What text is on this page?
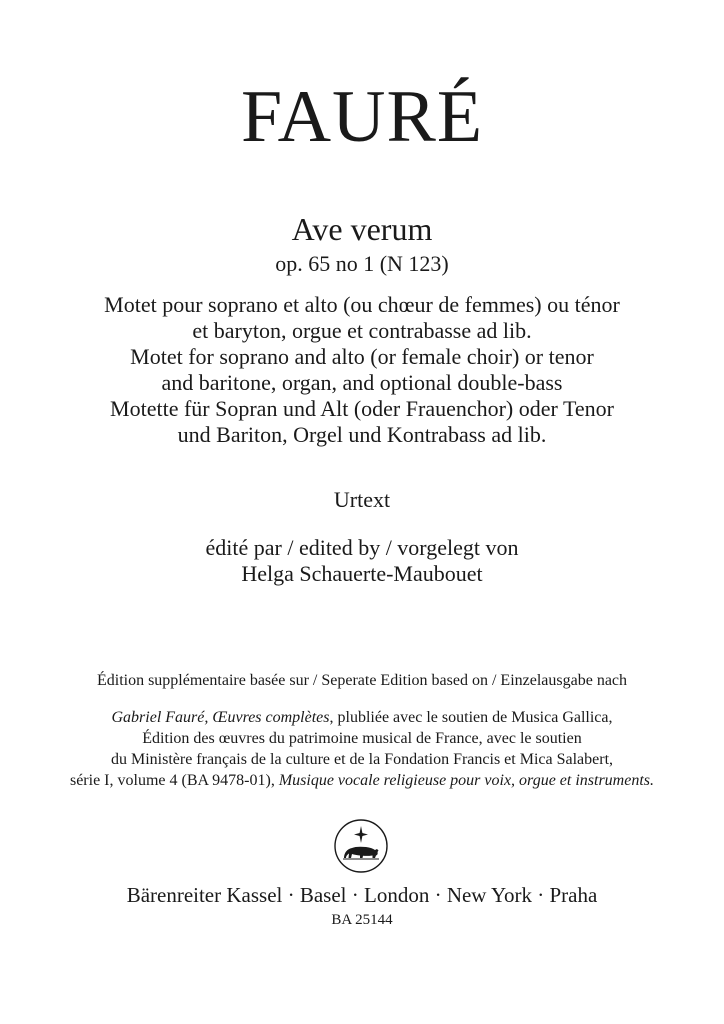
FAURÉ
Ave verum
op. 65 no 1 (N 123)
Motet pour soprano et alto (ou chœur de femmes) ou ténor
et baryton, orgue et contrabasse ad lib.
Motet for soprano and alto (or female choir) or tenor
and baritone, organ, and optional double-bass
Motette für Sopran und Alt (oder Frauenchor) oder Tenor
und Bariton, Orgel und Kontrabass ad lib.
Urtext
édité par / edited by / vorgelegt von
Helga Schauerte-Maubouet
Édition supplémentaire basée sur / Seperate Edition based on / Einzelausgabe nach
Gabriel Fauré, Œuvres complètes, plubliée avec le soutien de Musica Gallica,
Édition des œuvres du patrimoine musical de France, avec le soutien
du Ministère français de la culture et de la Fondation Francis et Mica Salabert,
série I, volume 4 (BA 9478-01), Musique vocale religieuse pour voix, orgue et instruments.
Bärenreiter Kassel · Basel · London · New York · Praha
BA 25144
